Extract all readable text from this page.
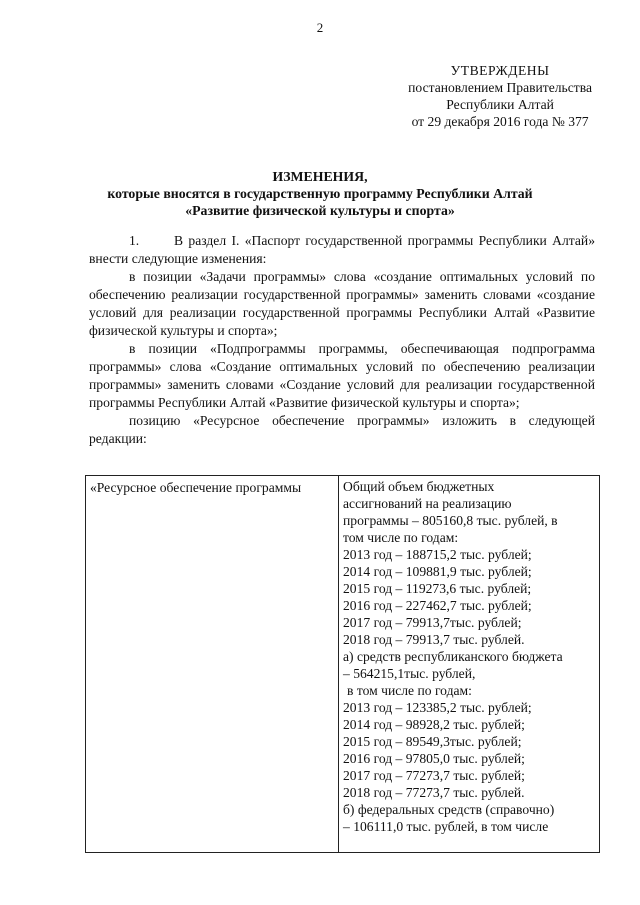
2
УТВЕРЖДЕНЫ
постановлением Правительства
Республики Алтай
от 29 декабря 2016 года № 377
ИЗМЕНЕНИЯ,
которые вносятся в государственную программу Республики Алтай
«Развитие физической культуры и спорта»

1.	В раздел I. «Паспорт государственной программы Республики Алтай» внести следующие изменения:

в позиции «Задачи программы» слова «создание оптимальных условий по обеспечению реализации государственной программы» заменить словами «создание условий для реализации государственной программы Республики Алтай «Развитие физической культуры и спорта»;

в позиции «Подпрограммы программы, обеспечивающая подпрограмма программы» слова «Создание оптимальных условий по обеспечению реализации программы» заменить словами «Создание условий для реализации государственной программы Республики Алтай «Развитие физической культуры и спорта»;

позицию «Ресурсное обеспечение программы» изложить в следующей редакции:

«Ресурсное обеспечение программы	Общий объем бюджетных
ассигнований на реализацию
программы – 805160,8 тыс. рублей, в
том числе по годам:
2013 год – 188715,2 тыс. рублей;
2014 год – 109881,9 тыс. рублей;
2015 год – 119273,6 тыс. рублей;
2016 год – 227462,7 тыс. рублей;
2017 год – 79913,7тыс. рублей;
2018 год – 79913,7 тыс. рублей.
а) средств республиканского бюджета
– 564215,1тыс. рублей,
в том числе по годам:
2013 год – 123385,2 тыс. рублей;
2014 год – 98928,2 тыс. рублей;
2015 год – 89549,3тыс. рублей;
2016 год – 97805,0 тыс. рублей;
2017 год – 77273,7 тыс. рублей;
2018 год – 77273,7 тыс. рублей.
б) федеральных средств (справочно)
– 106111,0 тыс. рублей, в том числе
